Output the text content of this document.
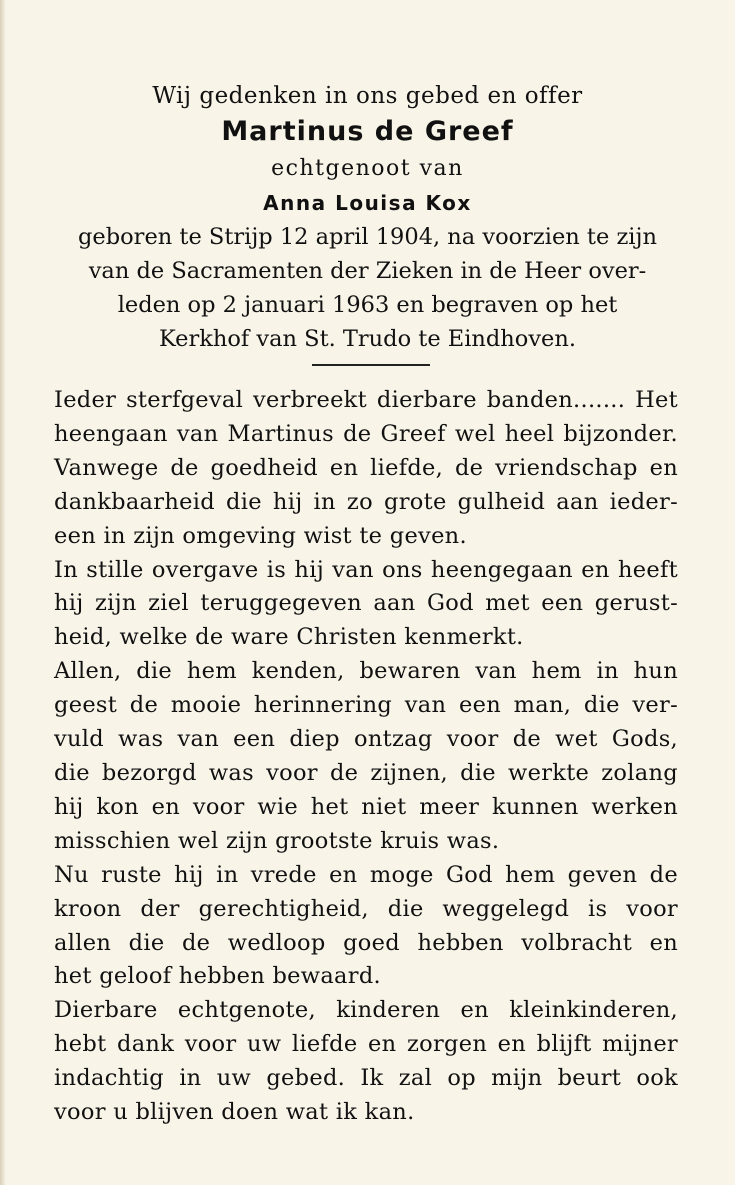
Wij gedenken in ons gebed en offer

Martinus de Greef

echtgenoot van

Anna Louisa Kox

geboren te Strijp 12 april 1904, na voorzien te zijn

van de Sacramenten der Zieken in de Heer over-

leden op 2 januari 1963 en begraven op het

Kerkhof van St. Trudo te Eindhoven.

Ieder sterfgeval verbreekt dierbare banden....... Het
heengaan van Martinus de Greef wel heel bijzonder.
Vanwege de goedheid en liefde, de vriendschap en
dankbaarheid die hij in zo grote gulheid aan ieder-
een in zijn omgeving wist te geven.
In stille overgave is hij van ons heengegaan en heeft
hij zijn ziel teruggegeven aan God met een gerust-
heid, welke de ware Christen kenmerkt.
Allen, die hem kenden, bewaren van hem in hun
geest de mooie herinnering van een man, die ver-
vuld was van een diep ontzag voor de wet Gods,
die bezorgd was voor de zijnen, die werkte zolang
hij kon en voor wie het niet meer kunnen werken
misschien wel zijn grootste kruis was.
Nu ruste hij in vrede en moge God hem geven de
kroon der gerechtigheid, die weggelegd is voor
allen die de wedloop goed hebben volbracht en
het geloof hebben bewaard.
Dierbare echtgenote, kinderen en kleinkinderen,
hebt dank voor uw liefde en zorgen en blijft mijner
indachtig in uw gebed. Ik zal op mijn beurt ook
voor u blijven doen wat ik kan.
